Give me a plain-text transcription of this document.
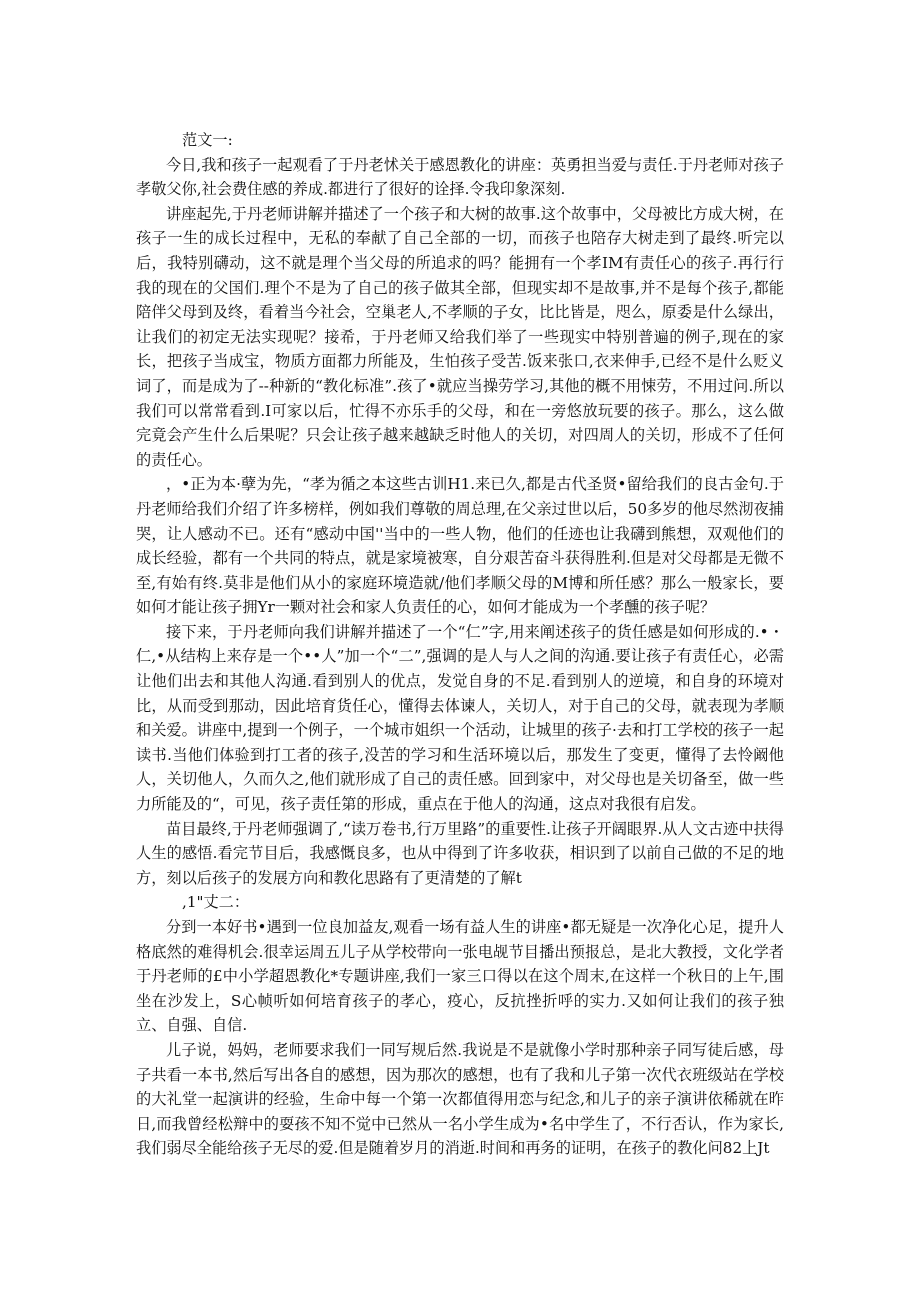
范文一:

今日,我和孩子一起观看了于丹老怵关于感恩教化的讲座：英勇担当爱与责任.于丹老师对孩子孝敬父你,社会费住感的养成.都进行了很好的诠择.令我印象深刻.

讲座起先,于丹老师讲解并描述了一个孩子和大树的故事.这个故事中，父母被比方成大树，在孩子一生的成长过程中，无私的奉献了自己全部的一切，而孩子也陪存大树走到了最终.听完以后，我特别礴动，这不就是理个当父母的所追求的吗？能拥有一个孝IM有责任心的孩子.再行行我的现在的父国们.理个不是为了自己的孩子做其全部，但现实却不是故事,并不是每个孩子,都能陪伴父母到及终，看着当今社会，空巢老人,不孝顺的子女，比比皆是，咫么，原委是什么绿出，让我们的初定无法实现呢？接希，于丹老师又给我们举了一些现实中特别普遍的例子,现在的家长，把孩子当成宝，物质方面都力所能及，生怕孩子受苦.饭来张口,衣来伸手,已经不是什么贬义词了，而是成为了--种新的“教化标准”.孩了•就应当操劳学习,其他的概不用悚劳，不用过问.所以我们可以常常看到.I可家以后，忙得不亦乐手的父母，和在一旁悠放玩要的孩子。那么，这么做完竟会产生什么后果呢？只会让孩子越来越缺乏时他人的关切，对四周人的关切，形成不了任何的责任心。

，•正为本·孽为先，“孝为循之本这些古训H1.来已久,都是古代圣贤•留给我们的良古金句.于丹老师给我们介绍了许多榜样，例如我们尊敬的周总理,在父亲过世以后，50多岁的他尽然沏夜捕哭，让人感动不已。还有“感动中国''当中的一些人物，他们的任迹也让我礴到熊想，双观他们的成长经验，都有一个共同的特点，就是家境被寒，自分艰苦奋斗获得胜利.但是对父母都是无微不至,有始有终.莫非是他们从小的家庭环境造就/他们孝顺父母的M博和所任感？那么一般家长，要如何才能让孩子拥Yr一颗对社会和家人负责任的心，如何才能成为一个孝醺的孩子呢？

接下来，于丹老师向我们讲解并描述了一个“仁”字,用来阐述孩子的货任感是如何形成的.•・仁,•从结构上来存是一个••人”加一个“二”,强调的是人与人之间的沟通.要让孩子有责任心，必需让他们出去和其他人沟通.看到别人的优点，发觉自身的不足.看到别人的逆境，和自身的环境对比，从而受到那动，因此培育货任心，懂得去体谏人，关切人，对于自己的父母，就表现为孝顺和关爱。讲座中,提到一个例子，一个城市姐织一个活动，让城里的孩子·去和打工学校的孩子一起读书.当他们体验到打工者的孩子,没苦的学习和生活环境以后，那发生了变更，懂得了去怜阚他人，关切他人，久而久之,他们就形成了自己的责任感。回到家中，对父母也是关切备至，做一些力所能及的“，可见，孩子责任第的形成，重点在于他人的沟通，这点对我很有启发。

苗目最终,于丹老师强调了,“读万卷书,行万里路”的重要性.让孩子开阔眼界.从人文古迹中扶得人生的感悟.看完节目后，我感慨良多，也从中得到了许多收获，相识到了以前自己做的不足的地方，刻以后孩子的发展方向和教化思路有了更清楚的了解t

,1"丈二：

分到一本好书•遇到一位良加益友,观看一场有益人生的讲座•都无疑是一次净化心足，提升人格底然的难得机会.很幸运周五儿子从学校带向一张电觇节目播出预报总，是北大教授，文化学者于丹老师的£中小学超恩教化*专题讲座,我们一家三口得以在这个周末,在这样一个秋日的上午,围坐在沙发上，S心帧听如何培育孩子的孝心，疫心，反抗挫折呼的实力.又如何让我们的孩子独立、自强、自信.

儿子说，妈妈，老师要求我们一同写规后然.我说是不是就像小学时那种亲子同写徒后感，母子共看一本书,然后写出各自的感想，因为那次的感想，也有了我和儿子第一次代衣班级站在学校的大礼堂一起演讲的经验，生命中每一个第一次都值得用恋与纪念,和儿子的亲子演讲依稀就在昨日,而我曾经松辩中的耍孩不知不觉中已然从一名小学生成为•名中学生了，不行否认，作为家长,我们弱尽全能给孩子无尽的爱.但是随着岁月的消逝.时间和再务的证明，在孩子的教化问82上Jt
